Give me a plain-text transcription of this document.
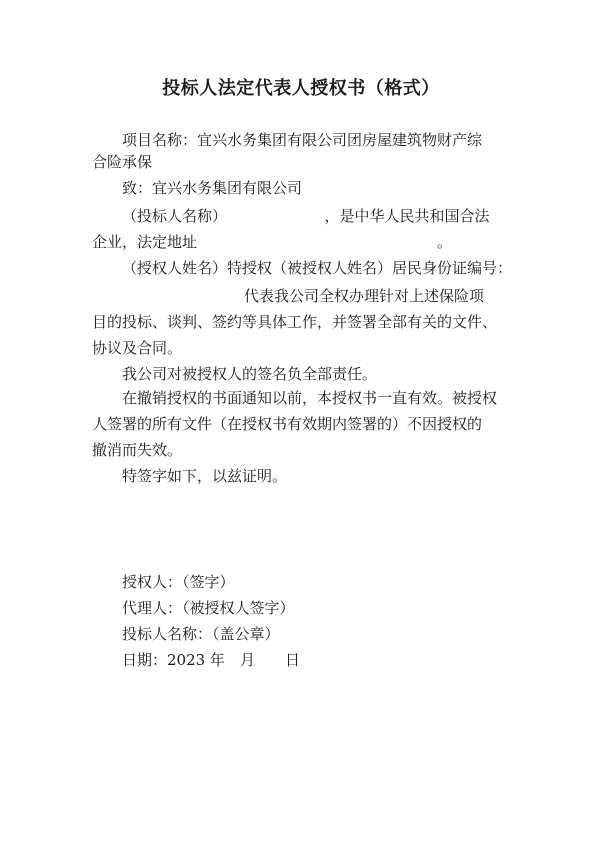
投标人法定代表人授权书（格式）
项目名称：宜兴水务集团有限公司团房屋建筑物财产综
合险承保
致：宜兴水务集团有限公司
（投标人名称）　　　　　　　，是中华人民共和国合法
企业，法定地址　　　　　　　　　　　　　　　　。
（授权人姓名）特授权（被授权人姓名）居民身份证编号：
代表我公司全权办理针对上述保险项
目的投标、谈判、签约等具体工作，并签署全部有关的文件、
协议及合同。
我公司对被授权人的签名负全部责任。
在撤销授权的书面通知以前，本授权书一直有效。被授权
人签署的所有文件（在授权书有效期内签署的）不因授权的
撤消而失效。
特签字如下，以兹证明。
授权人：（签字）
代理人：（被授权人签字）
投标人名称：（盖公章）
日期：2023 年　月　　日
